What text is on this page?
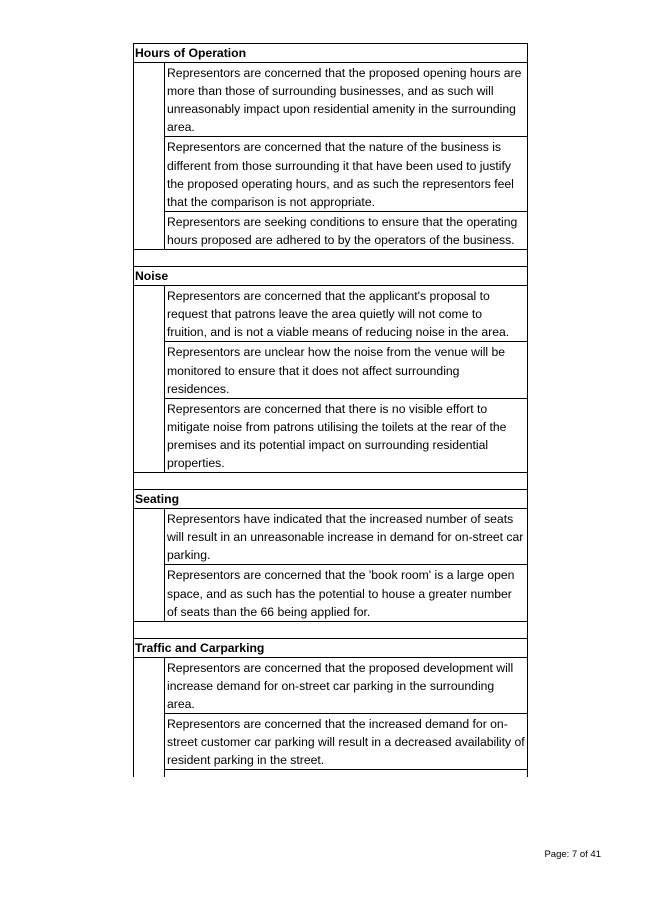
Hours of Operation	
	Representors are concerned that the proposed opening hours are more than those of surrounding businesses, and as such will unreasonably impact upon residential amenity in the surrounding area.
	Representors are concerned that the nature of the business is different from those surrounding it that have been used to justify the proposed operating hours, and as such the representors feel that the comparison is not appropriate.
	Representors are seeking conditions to ensure that the operating hours proposed are adhered to by the operators of the business.

Noise	
	Representors are concerned that the applicant's proposal to request that patrons leave the area quietly will not come to fruition, and is not a viable means of reducing noise in the area.
	Representors are unclear how the noise from the venue will be monitored to ensure that it does not affect surrounding residences.
	Representors are concerned that there is no visible effort to mitigate noise from patrons utilising the toilets at the rear of the premises and its potential impact on surrounding residential properties.

Seating	
	Representors have indicated that the increased number of seats will result in an unreasonable increase in demand for on-street car parking.
	Representors are concerned that the 'book room' is a large open space, and as such has the potential to house a greater number of seats than the 66 being applied for.

Traffic and Carparking	
	Representors are concerned that the proposed development will increase demand for on-street car parking in the surrounding area.
	Representors are concerned that the increased demand for on-street customer car parking will result in a decreased availability of resident parking in the street.

Page: 7 of 41
